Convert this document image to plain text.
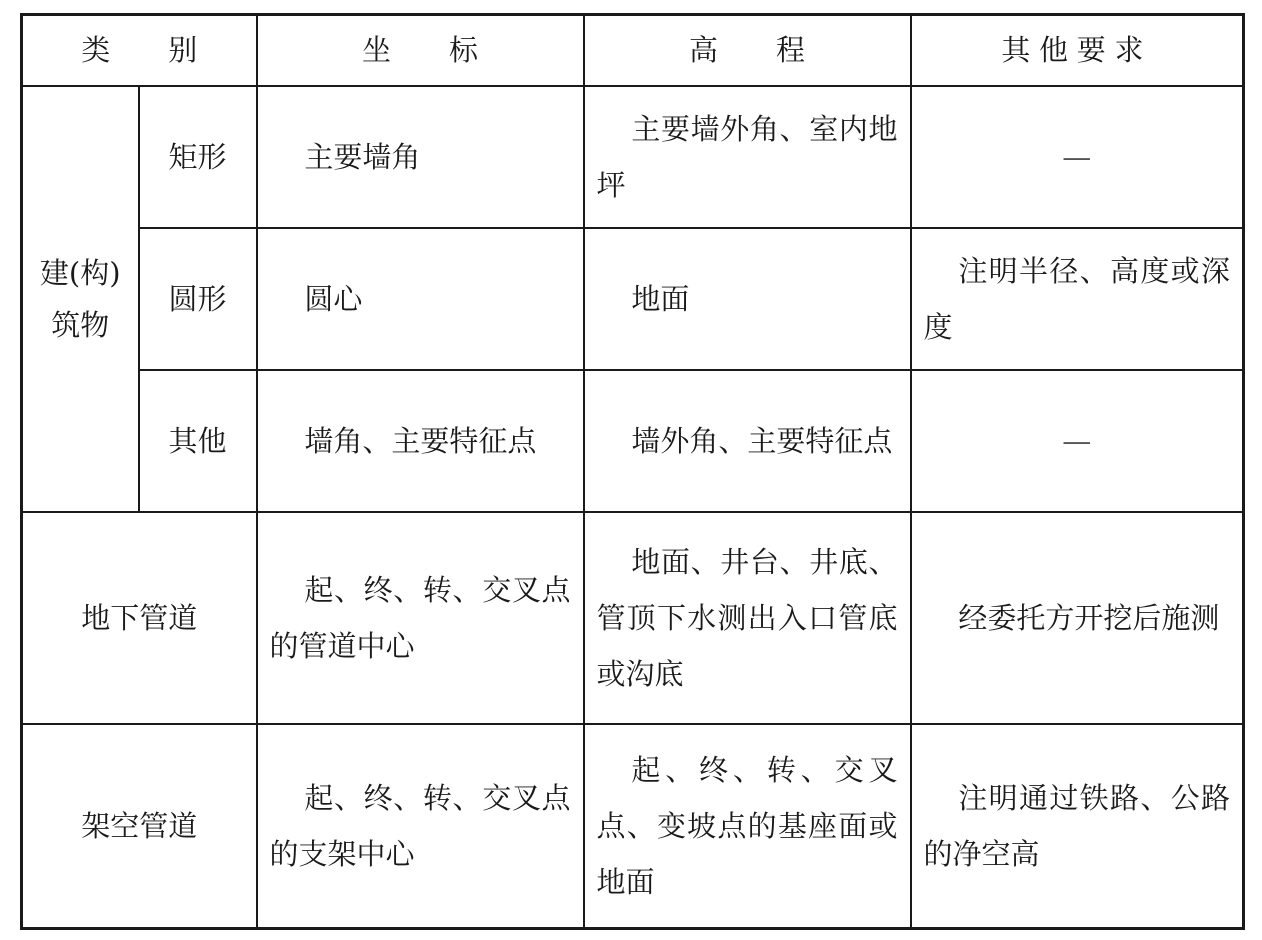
类　　别		坐　　标	高　　程	其他要求
建(构)筑物	矩形	主要墙角	主要墙外角、室内地坪	—
	圆形	圆心	地面	注明半径、高度或深度
	其他	墙角、主要特征点	墙外角、主要特征点	—
地下管道		起、终、转、交叉点的管道中心	地面、井台、井底、管顶下水测出入口管底或沟底	经委托方开挖后施测
架空管道		起、终、转、交叉点的支架中心	起、终、转、交叉点、变坡点的基座面或地面	注明通过铁路、公路的净空高
